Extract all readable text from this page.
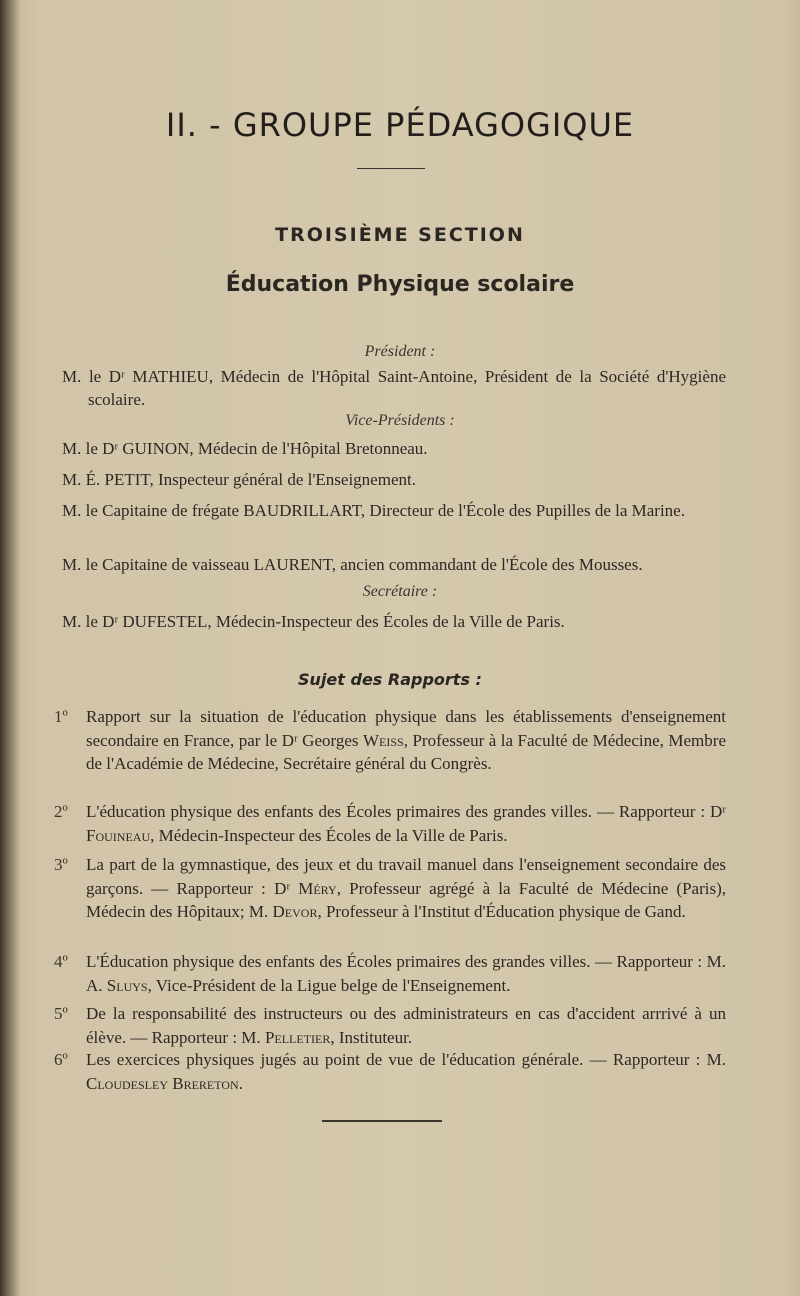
II. - GROUPE PÉDAGOGIQUE
TROISIÈME SECTION
Éducation Physique scolaire
Président :
M. le Dʳ MATHIEU, Médecin de l'Hôpital Saint-Antoine, Président de la Société d'Hygiène scolaire.
Vice-Présidents :
M. le Dʳ GUINON, Médecin de l'Hôpital Bretonneau.
M. É. PETIT, Inspecteur général de l'Enseignement.
M. le Capitaine de frégate BAUDRILLART, Directeur de l'École des Pupilles de la Marine.
M. le Capitaine de vaisseau LAURENT, ancien commandant de l'École des Mousses.
Secrétaire :
M. le Dʳ DUFESTEL, Médecin-Inspecteur des Écoles de la Ville de Paris.
Sujet des Rapports :
1º	Rapport sur la situation de l'éducation physique dans les établissements d'enseignement secondaire en France, par le Dʳ Georges Weiss, Professeur à la Faculté de Médecine, Membre de l'Académie de Médecine, Secrétaire général du Congrès.
2º	L'éducation physique des enfants des Écoles primaires des grandes villes. — Rapporteur : Dʳ Fouineau, Médecin-Inspecteur des Écoles de la Ville de Paris.
3º	La part de la gymnastique, des jeux et du travail manuel dans l'enseignement secondaire des garçons. — Rapporteur : Dʳ Méry, Professeur agrégé à la Faculté de Médecine (Paris), Médecin des Hôpitaux; M. Devor, Professeur à l'Institut d'Éducation physique de Gand.
4º	L'Éducation physique des enfants des Écoles primaires des grandes villes. — Rapporteur : M. A. Sluys, Vice-Président de la Ligue belge de l'Enseignement.
5º	De la responsabilité des instructeurs ou des administrateurs en cas d'accident arrrivé à un élève. — Rapporteur : M. Pelletier, Instituteur.
6º	Les exercices physiques jugés au point de vue de l'éducation générale. — Rapporteur : M. Cloudesley Brereton.
